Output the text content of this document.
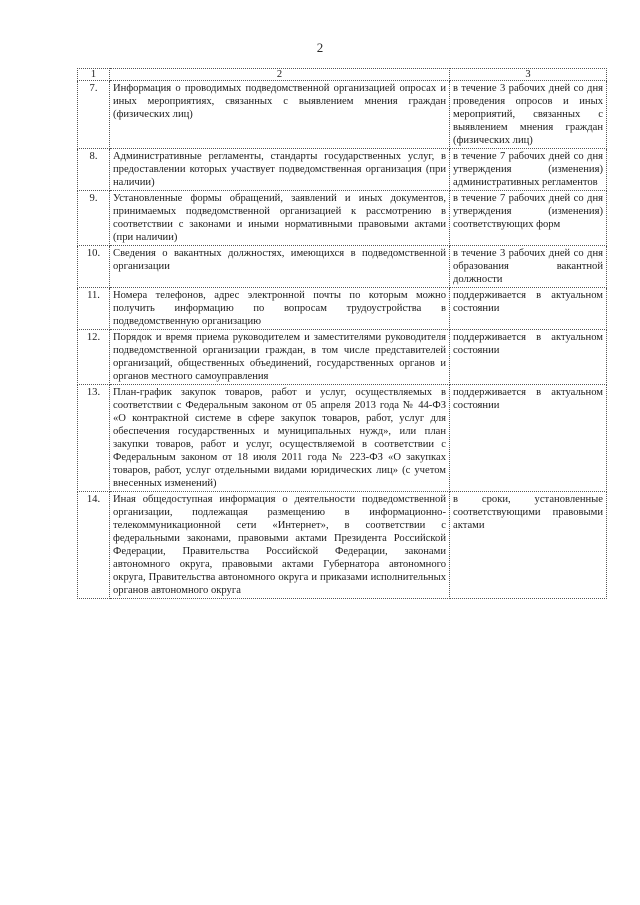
2
1	2	3
7.	Информация о проводимых подведомственной организацией опросах и иных мероприятиях, связанных с выявлением мнения граждан (физических лиц)	в течение 3 рабочих дней со дня проведения опросов и иных мероприятий, связанных с выявлением мнения граждан (физических лиц)
8.	Административные регламенты, стандарты государственных услуг, в предоставлении которых участвует подведомственная организация (при наличии)	в течение 7 рабочих дней со дня утверждения (изменения) административных регламентов
9.	Установленные формы обращений, заявлений и иных документов, принимаемых подведомственной организацией к рассмотрению в соответствии с законами и иными нормативными правовыми актами (при наличии)	в течение 7 рабочих дней со дня утверждения (изменения) соответствующих форм
10.	Сведения о вакантных должностях, имеющихся в подведомственной организации	в течение 3 рабочих дней со дня образования вакантной должности
11.	Номера телефонов, адрес электронной почты по которым можно получить информацию по вопросам трудоустройства в подведомственную организацию	поддерживается в актуальном состоянии
12.	Порядок и время приема руководителем и заместителями руководителя подведомственной организации граждан, в том числе представителей организаций, общественных объединений, государственных органов и органов местного самоуправления	поддерживается в актуальном состоянии
13.	План-график закупок товаров, работ и услуг, осуществляемых в соответствии с Федеральным законом от 05 апреля 2013 года № 44-ФЗ «О контрактной системе в сфере закупок товаров, работ, услуг для обеспечения государственных и муниципальных нужд», или план закупки товаров, работ и услуг, осуществляемой в соответствии с Федеральным законом от 18 июля 2011 года № 223-ФЗ «О закупках товаров, работ, услуг отдельными видами юридических лиц» (с учетом внесенных изменений)	поддерживается в актуальном состоянии
14.	Иная общедоступная информация о деятельности подведомственной организации, подлежащая размещению в информационно-телекоммуникационной сети «Интернет», в соответствии с федеральными законами, правовыми актами Президента Российской Федерации, Правительства Российской Федерации, законами автономного округа, правовыми актами Губернатора автономного округа, Правительства автономного округа и приказами исполнительных органов автономного округа	в сроки, установленные соответствующими правовыми актами
